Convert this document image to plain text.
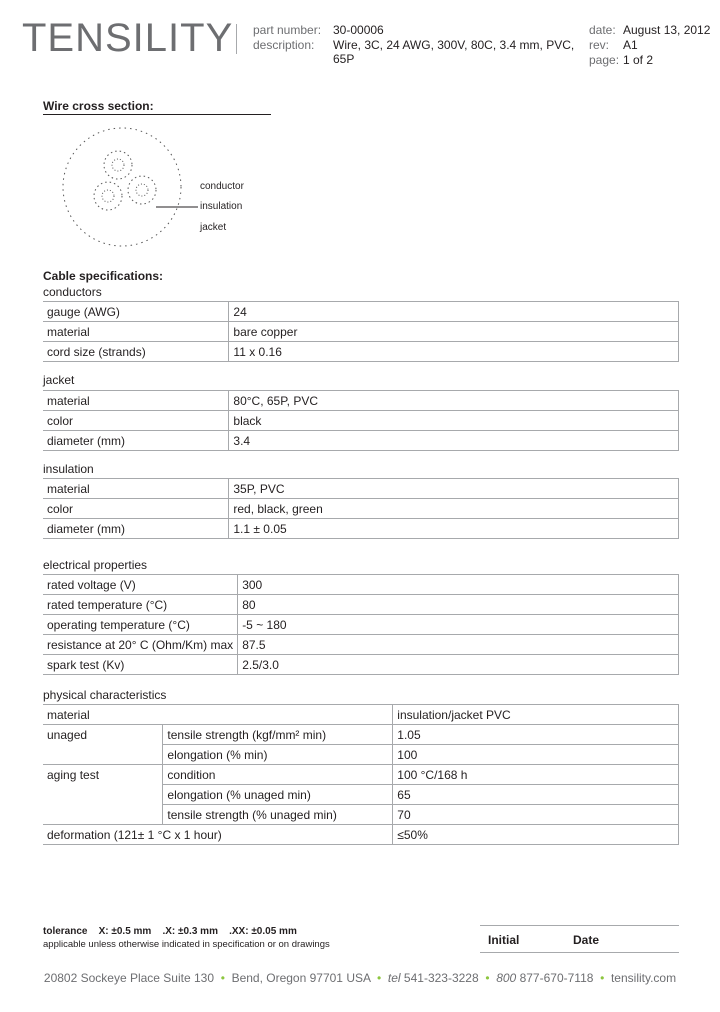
TENSILITY part number: 30-00006
description: Wire, 3C, 24 AWG, 300V, 80C, 3.4 mm, PVC,
65P
date: August 13, 2012
rev: A1
page: 1 of 2
Wire cross section:
conductor
insulation
jacket
Cable specifications:
conductors
gauge (AWG)	24
material	bare copper
cord size (strands)	11 x 0.16
jacket
material	80°C, 65P, PVC
color	black
diameter (mm)	3.4
insulation
material	35P, PVC
color	red, black, green
diameter (mm)	1.1 ± 0.05
electrical properties
rated voltage (V)	300
rated temperature (°C)	80
operating temperature (°C)	-5 ~ 180
resistance at 20° C (Ohm/Km) max	87.5
spark test (Kv)	2.5/3.0
physical characteristics
material		insulation/jacket PVC
unaged	tensile strength (kgf/mm² min)	1.05
	elongation (% min)	100
aging test	condition	100 °C/168 h
	elongation (% unaged min)	65
	tensile strength (% unaged min)	70
deformation (121± 1 °C x 1 hour)		≤50%
tolerance X: ±0.5 mm .X: ±0.3 mm .XX: ±0.05 mm
applicable unless otherwise indicated in specification or on drawings	Initial	Date
20802 Sockeye Place Suite 130 • Bend, Oregon 97701 USA • tel 541-323-3228 • 800 877-670-7118 • tensility.com
